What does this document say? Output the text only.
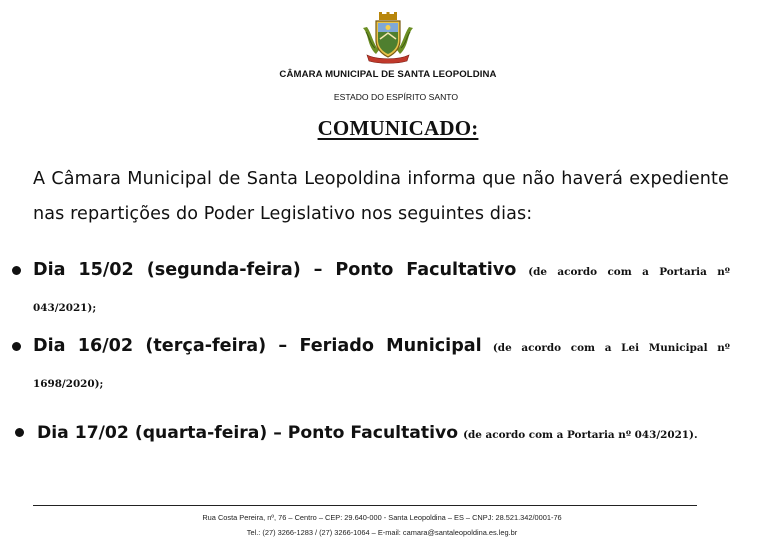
CÂMARA MUNICIPAL DE SANTA LEOPOLDINA
ESTADO DO ESPÍRITO SANTO
COMUNICADO:
A Câmara Municipal de Santa Leopoldina informa que não haverá expediente nas repartições do Poder Legislativo nos seguintes dias:
Dia 15/02 (segunda-feira) – Ponto Facultativo (de acordo com a Portaria nº 043/2021);
Dia 16/02 (terça-feira) – Feriado Municipal (de acordo com a Lei Municipal nº 1698/2020);
Dia 17/02 (quarta-feira) – Ponto Facultativo (de acordo com a Portaria nº 043/2021).
Rua Costa Pereira, nº, 76 – Centro – CEP: 29.640-000 - Santa Leopoldina – ES – CNPJ: 28.521.342/0001-76
Tel.: (27) 3266-1283 / (27) 3266-1064 – E-mail: camara@santaleopoldina.es.leg.br
